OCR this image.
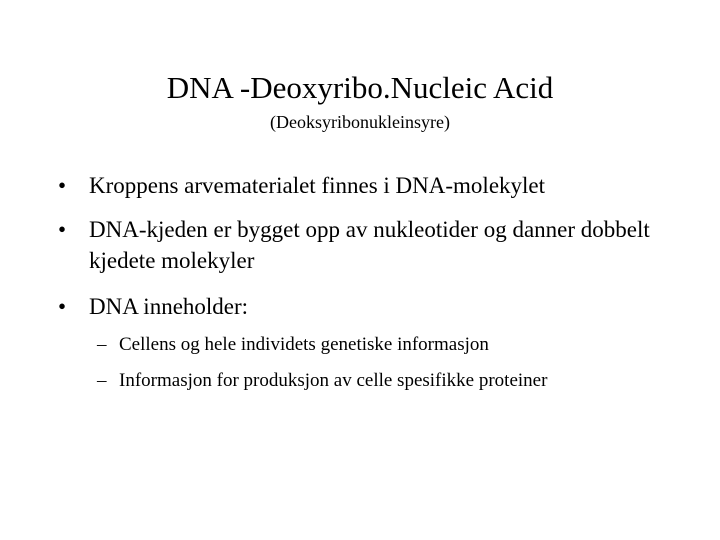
DNA -Deoxyribo.Nucleic Acid
(Deoksyribonukleinsyre)
• Kroppens arvematerialet finnes i DNA-molekylet
• DNA-kjeden er bygget opp av nukleotider og danner dobbelt kjedete molekyler
• DNA inneholder:
– Cellens og hele individets genetiske informasjon
– Informasjon for produksjon av celle spesifikke proteiner
